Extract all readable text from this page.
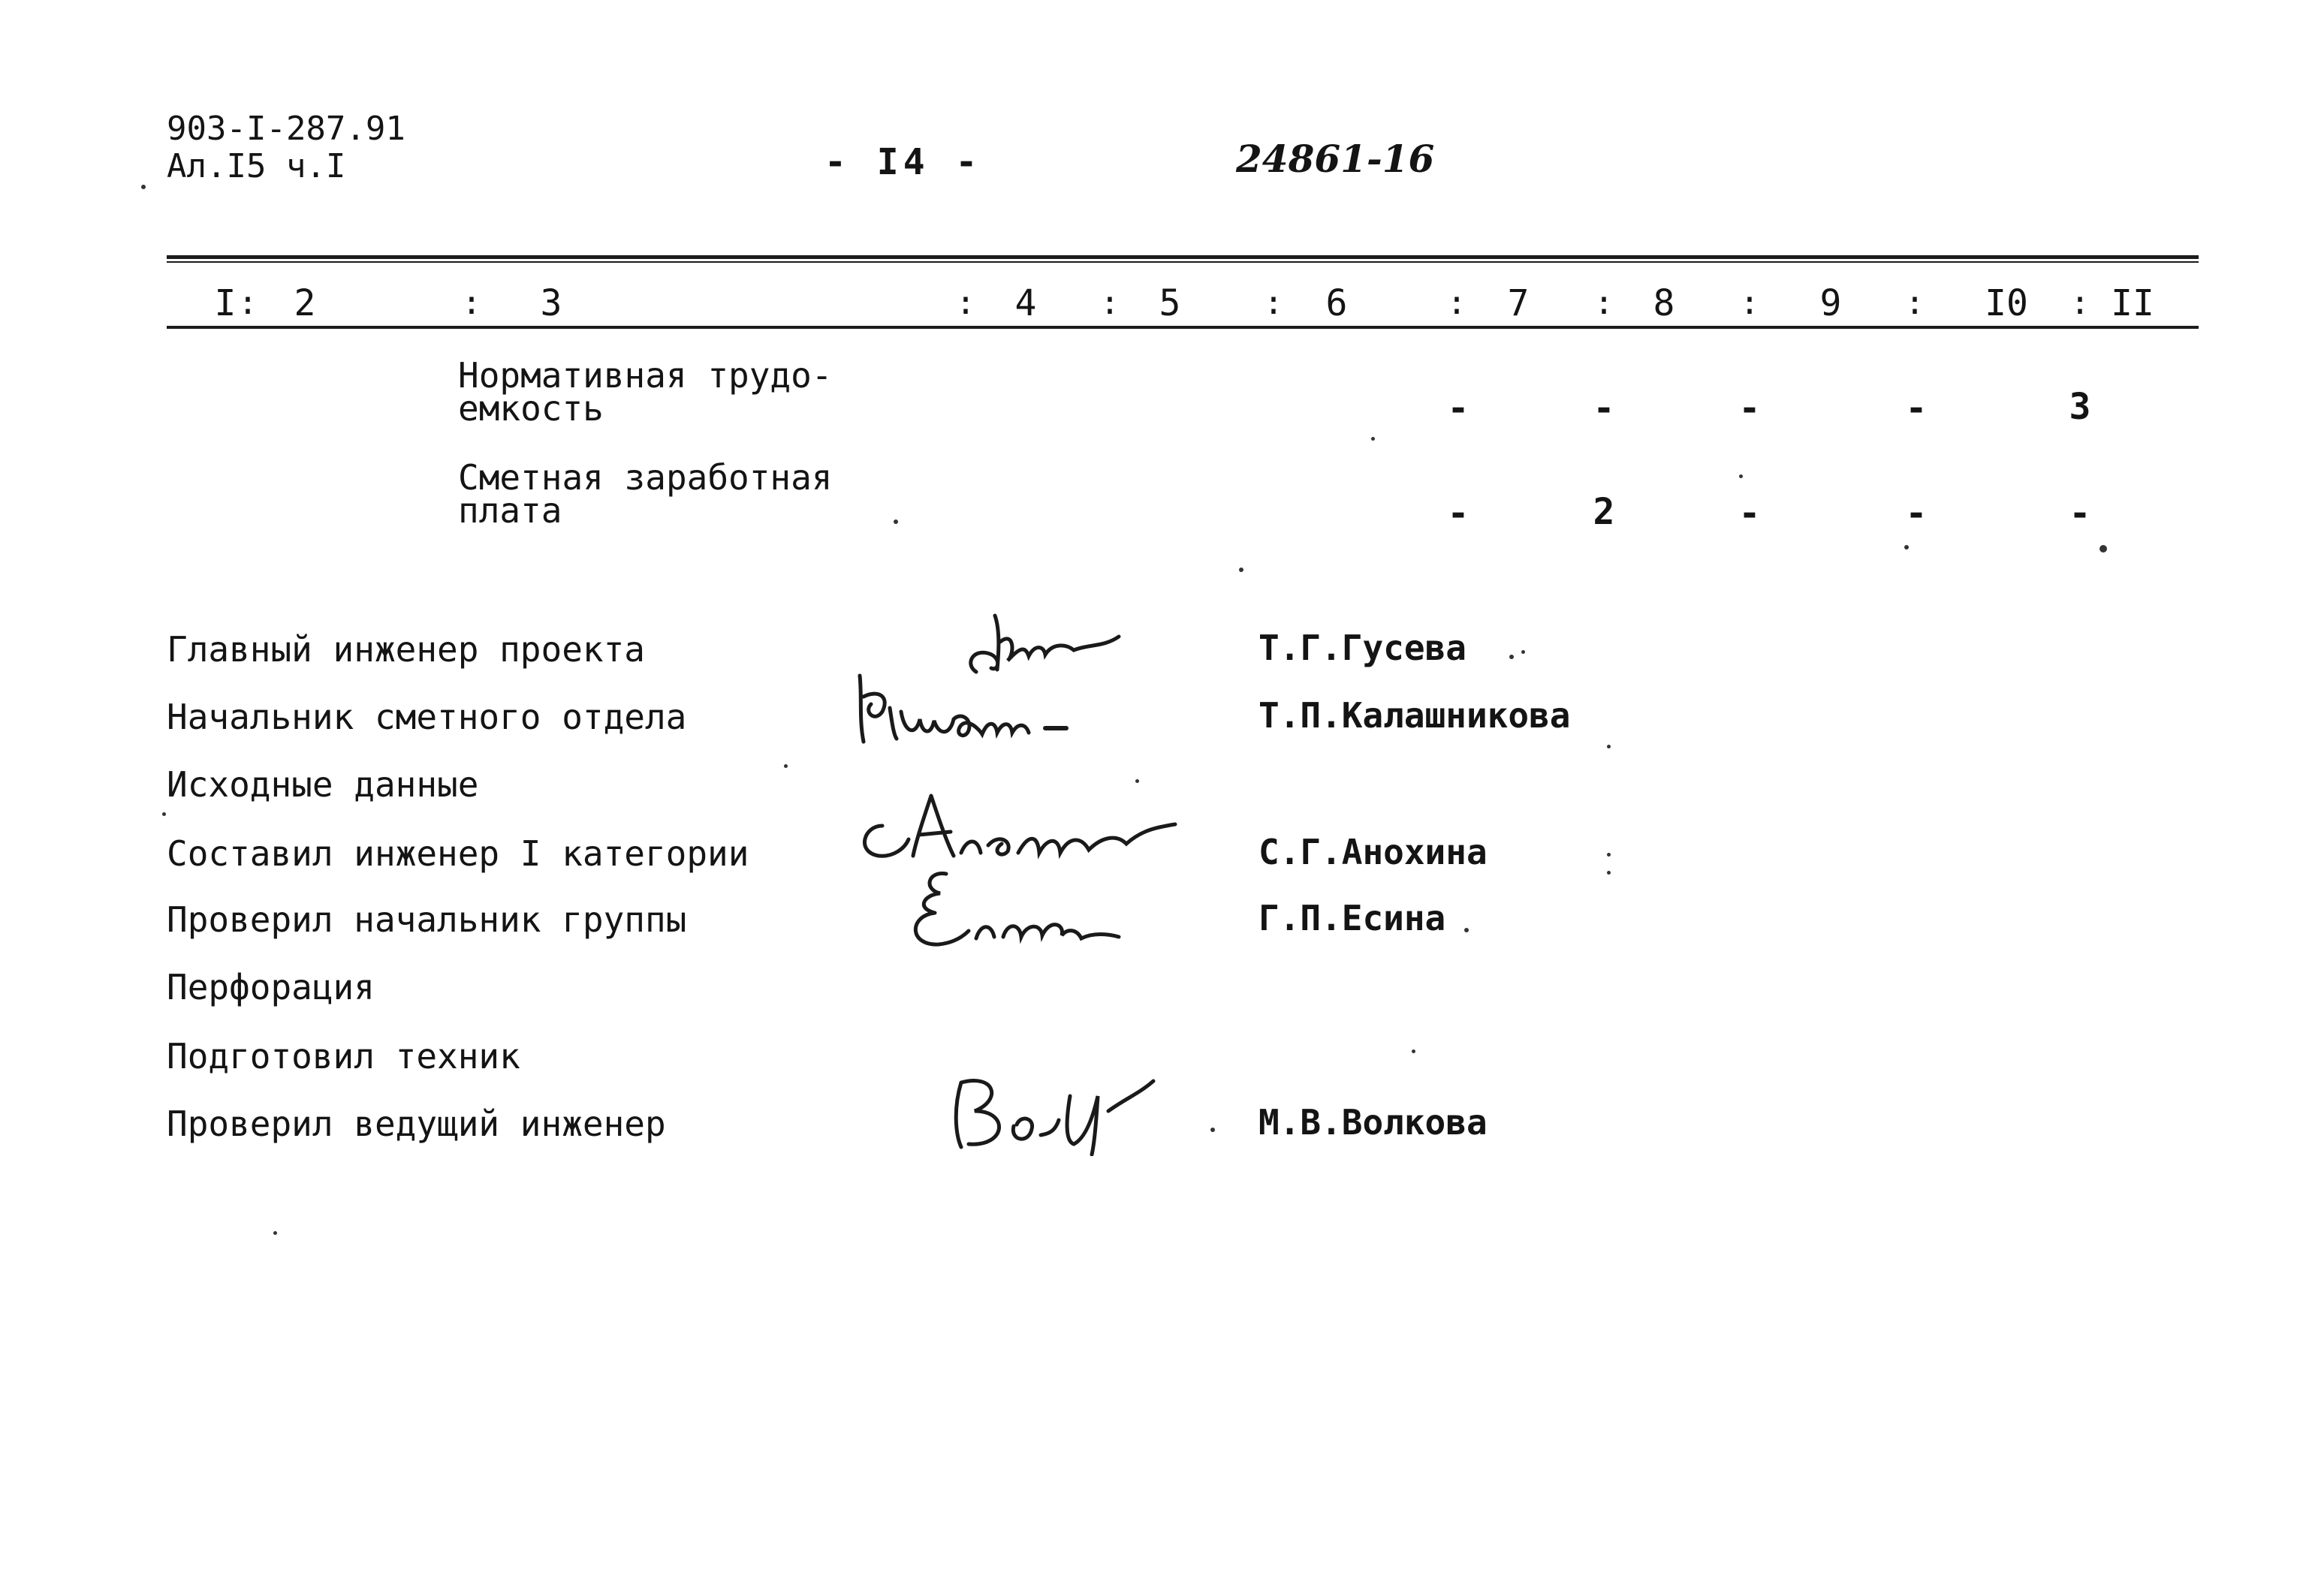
903-I-287.91
Ал.I5 ч.I	- I4 -	24861-16
I : 2	: 3	: 4 : 5	: 6	: 7 : 8 : 9 : I0 : II
Нормативная трудо-
емкость	-	-	-	-	3
Сметная заработная
плата	-	2	-	-	-
Главный инженер проекта	Т.Г.Гусева
Начальник сметного отдела	Т.П.Калашникова
Исходные данные
Составил инженер I категории	С.Г.Анохина
Проверил начальник группы	Г.П.Есина
Перфорация
Подготовил техник
Проверил ведущий инженер	М.В.Волкова
